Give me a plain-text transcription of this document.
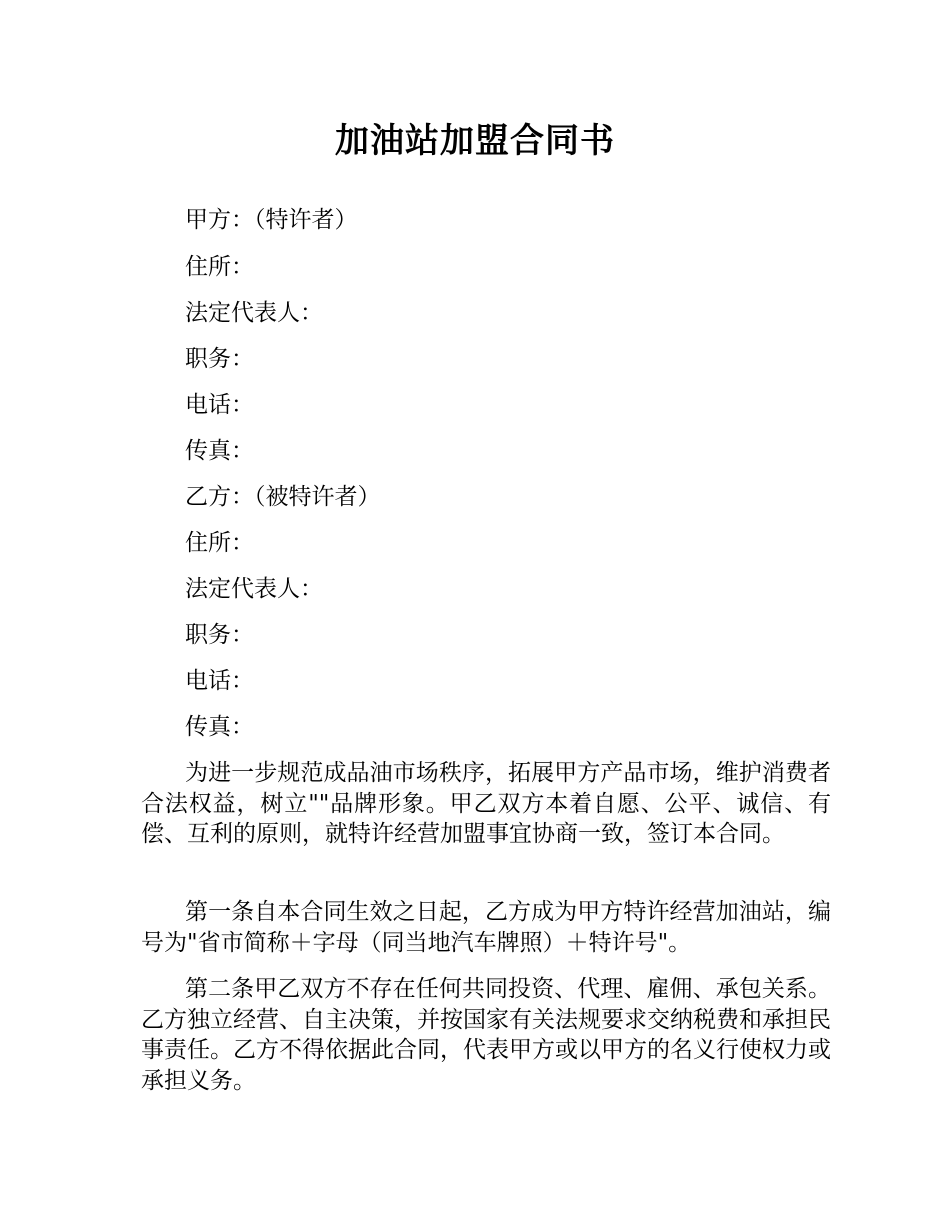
加油站加盟合同书
甲方：（特许者）
住所：
法定代表人：
职务：
电话：
传真：
乙方：（被特许者）
住所：
法定代表人：
职务：
电话：
传真：
为进一步规范成品油市场秩序，拓展甲方产品市场，维护消费者合法权益，树立""品牌形象。甲乙双方本着自愿、公平、诚信、有偿、互利的原则，就特许经营加盟事宜协商一致，签订本合同。
第一条自本合同生效之日起，乙方成为甲方特许经营加油站，编号为"省市简称＋字母（同当地汽车牌照）＋特许号"。
第二条甲乙双方不存在任何共同投资、代理、雇佣、承包关系。乙方独立经营、自主决策，并按国家有关法规要求交纳税费和承担民事责任。乙方不得依据此合同，代表甲方或以甲方的名义行使权力或承担义务。
